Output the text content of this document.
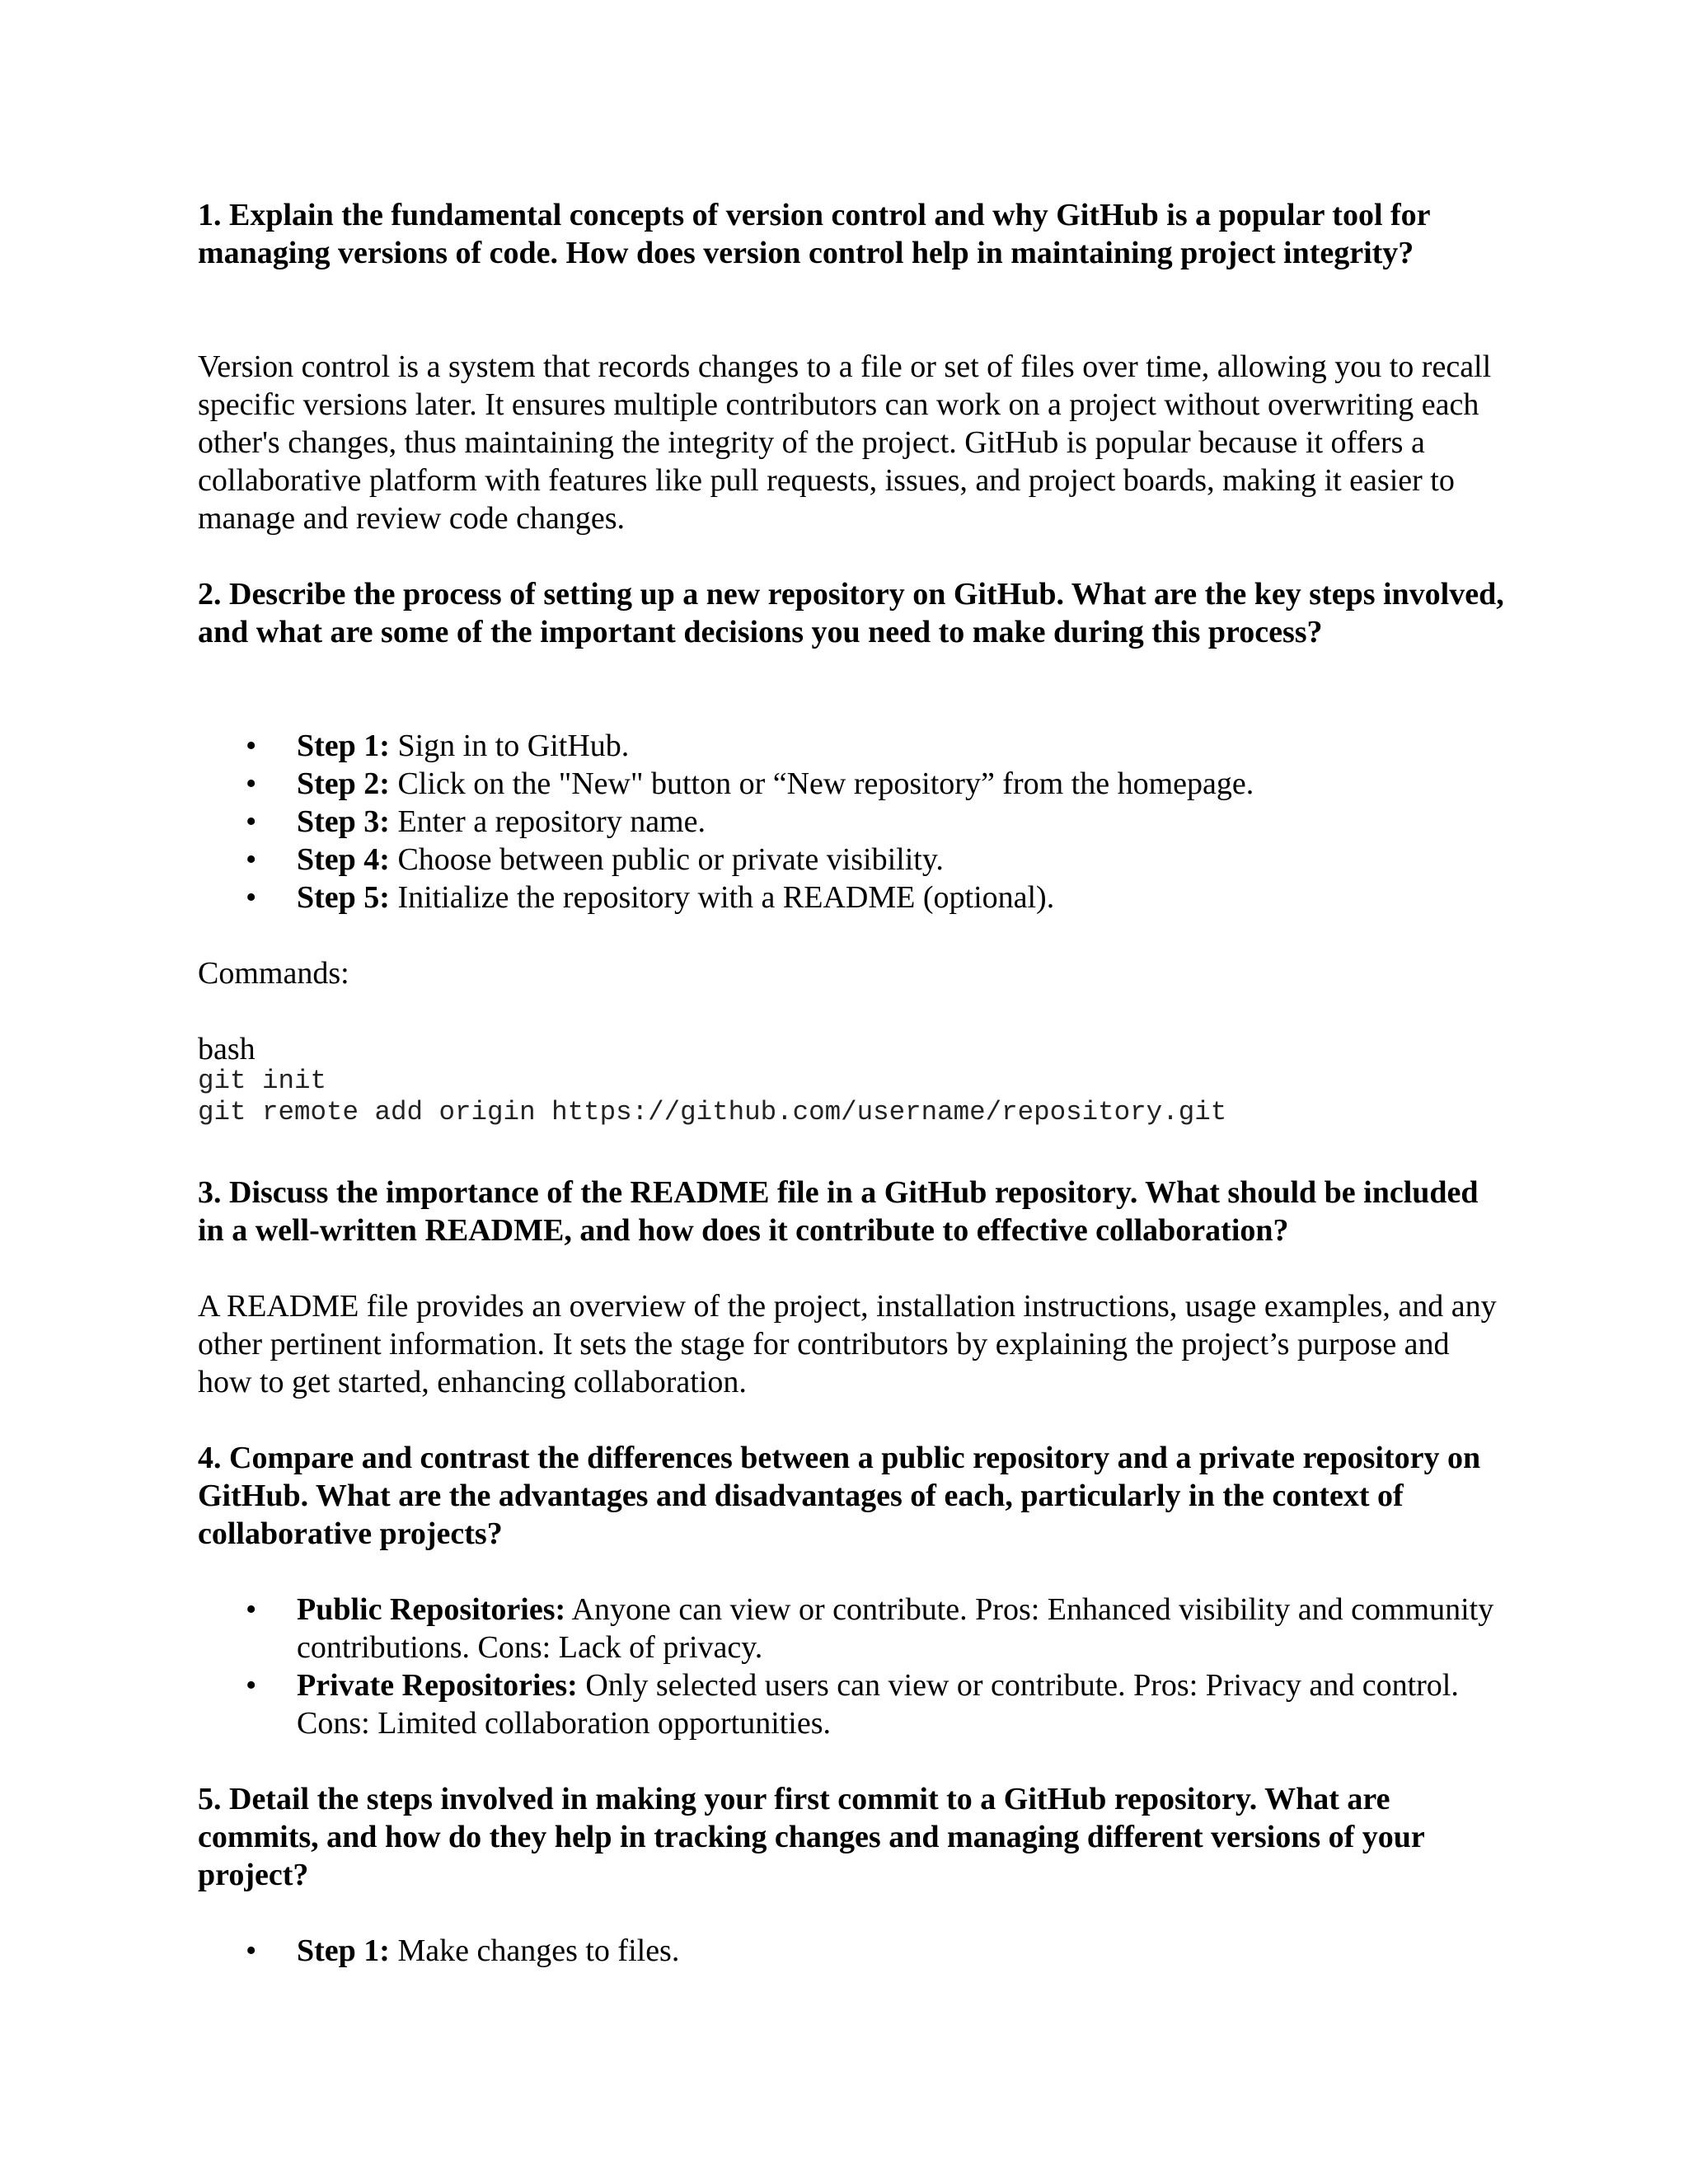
1. Explain the fundamental concepts of version control and why GitHub is a popular tool for managing versions of code. How does version control help in maintaining project integrity?

Version control is a system that records changes to a file or set of files over time, allowing you to recall specific versions later. It ensures multiple contributors can work on a project without overwriting each other's changes, thus maintaining the integrity of the project. GitHub is popular because it offers a collaborative platform with features like pull requests, issues, and project boards, making it easier to manage and review code changes.

2. Describe the process of setting up a new repository on GitHub. What are the key steps involved, and what are some of the important decisions you need to make during this process?

• Step 1: Sign in to GitHub.
• Step 2: Click on the "New" button or “New repository” from the homepage.
• Step 3: Enter a repository name.
• Step 4: Choose between public or private visibility.
• Step 5: Initialize the repository with a README (optional).

Commands:

bash

git init
git remote add origin https://github.com/username/repository.git

3. Discuss the importance of the README file in a GitHub repository. What should be included in a well-written README, and how does it contribute to effective collaboration?

A README file provides an overview of the project, installation instructions, usage examples, and any other pertinent information. It sets the stage for contributors by explaining the project’s purpose and how to get started, enhancing collaboration.

4. Compare and contrast the differences between a public repository and a private repository on GitHub. What are the advantages and disadvantages of each, particularly in the context of collaborative projects?

• Public Repositories: Anyone can view or contribute. Pros: Enhanced visibility and community contributions. Cons: Lack of privacy.
• Private Repositories: Only selected users can view or contribute. Pros: Privacy and control. Cons: Limited collaboration opportunities.

5. Detail the steps involved in making your first commit to a GitHub repository. What are commits, and how do they help in tracking changes and managing different versions of your project?

• Step 1: Make changes to files.
